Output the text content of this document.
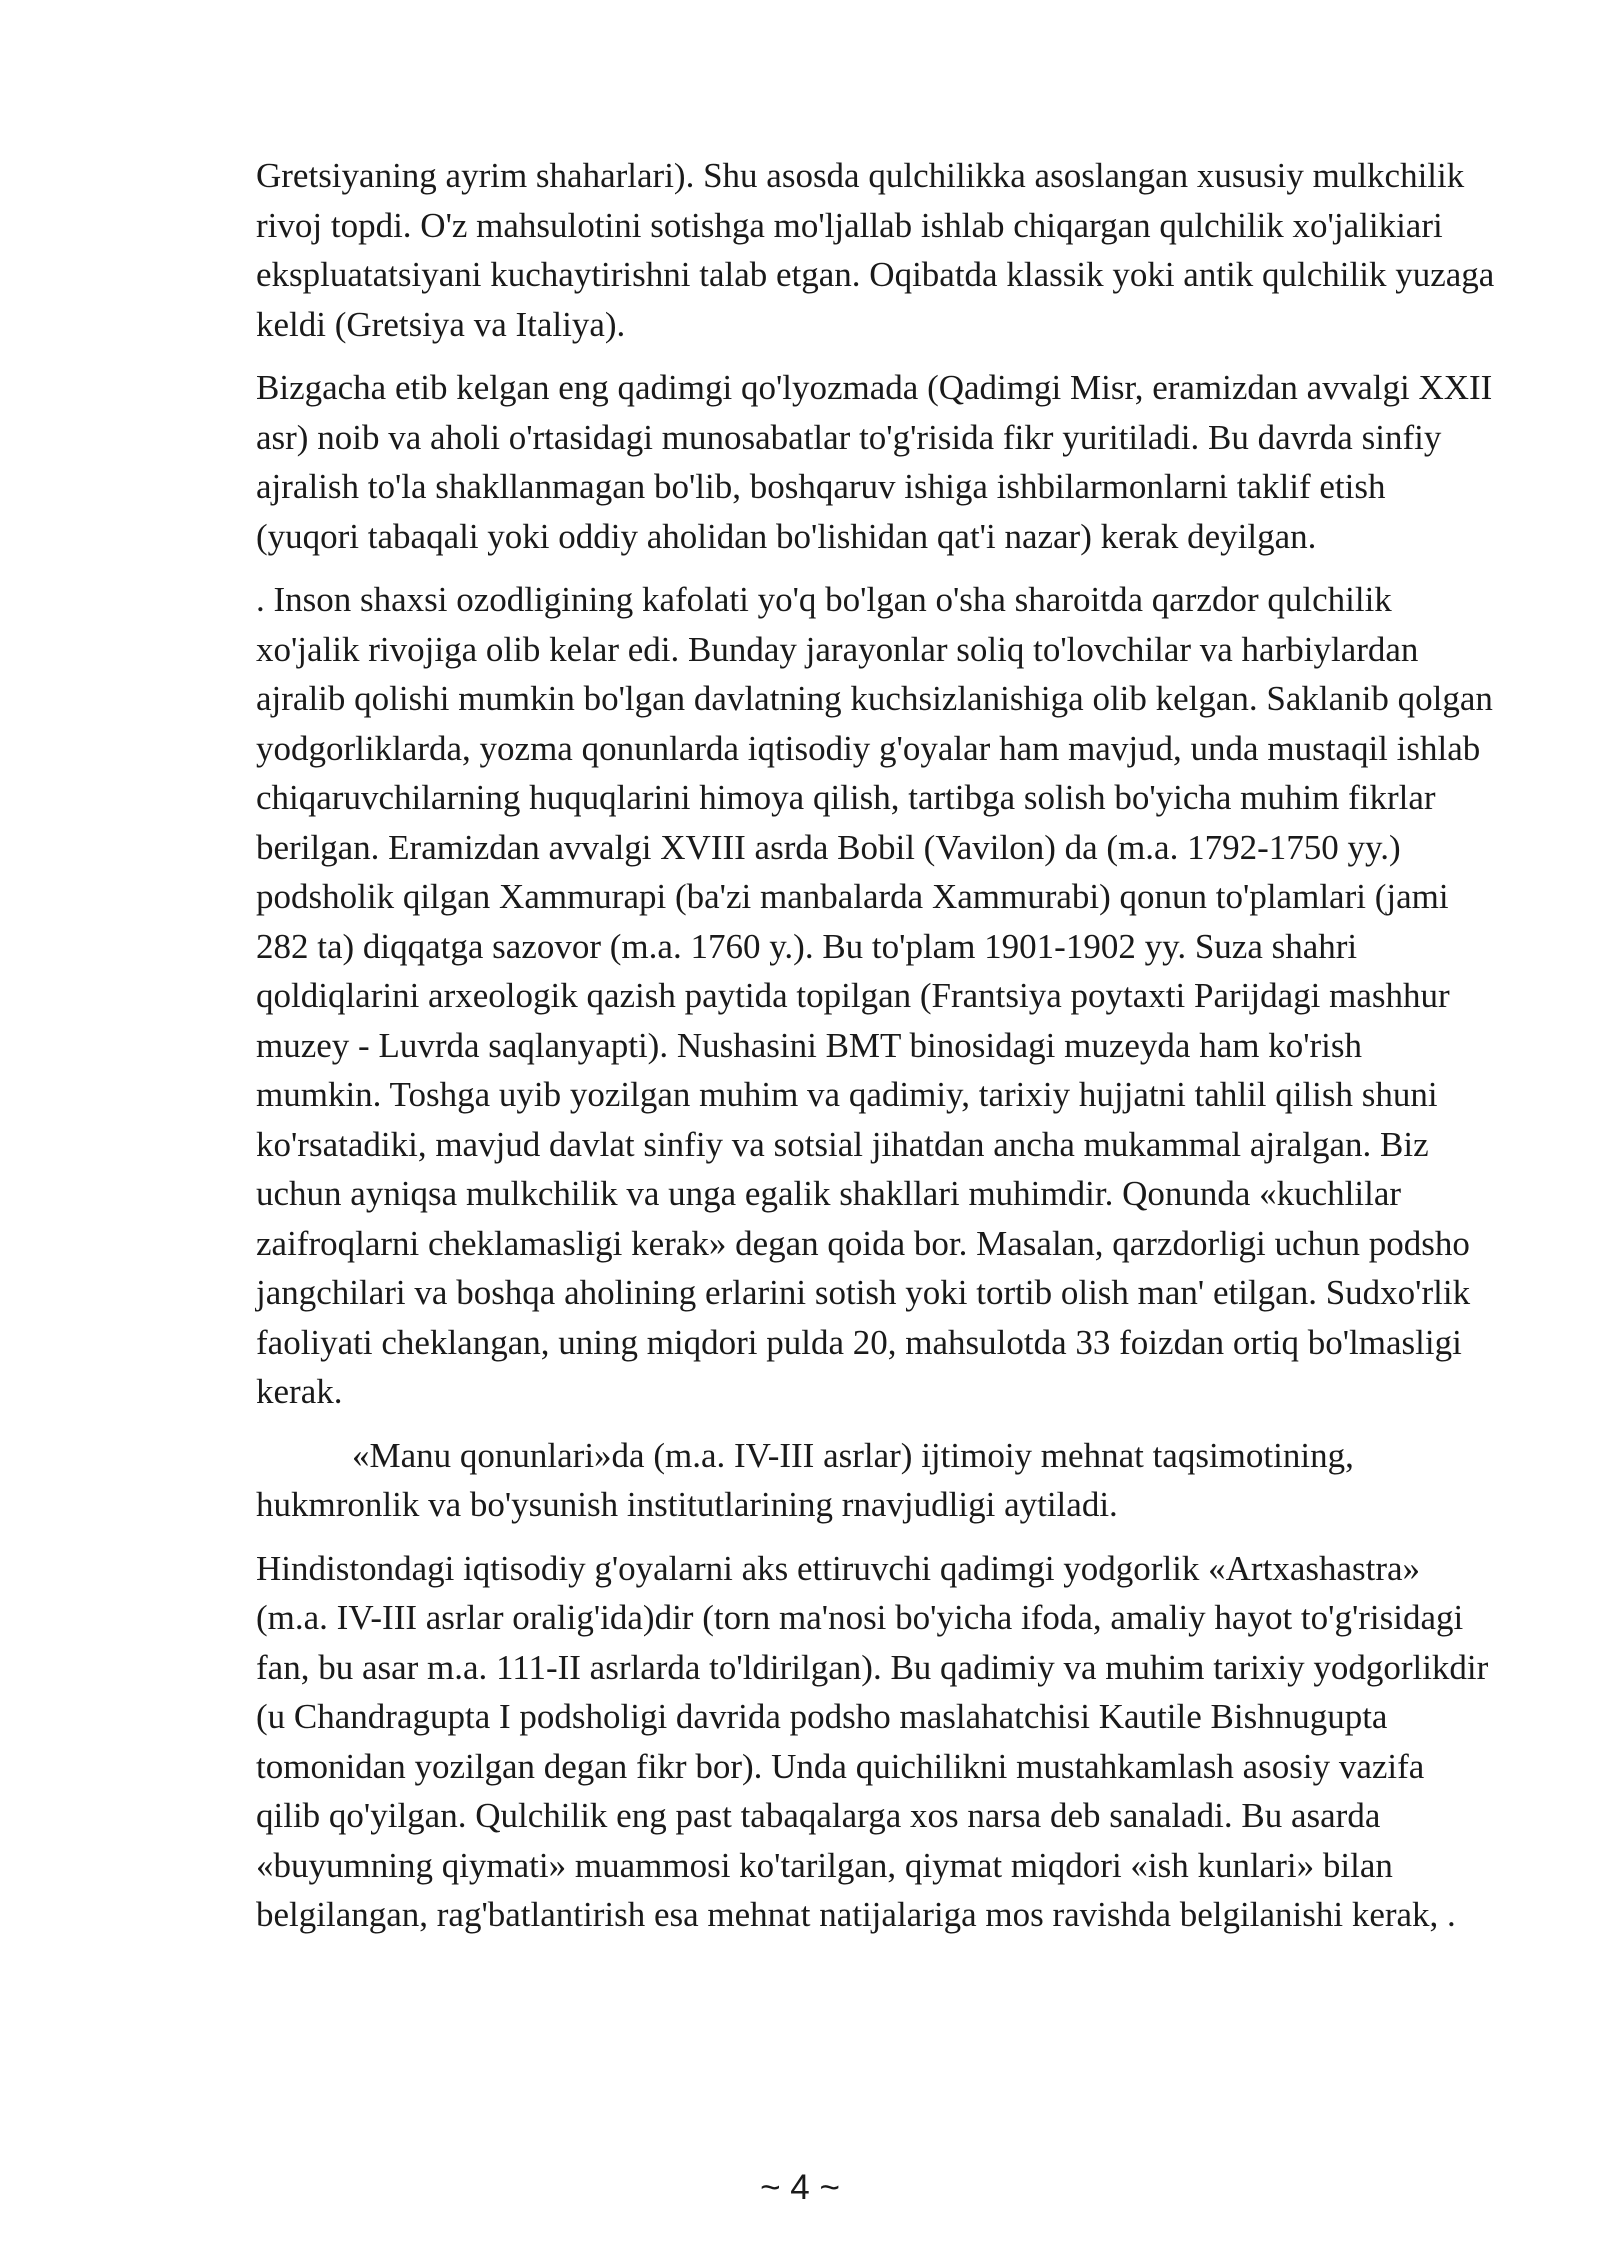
Gretsiyaning ayrim shaharlari). Shu asosda qulchilikka asoslangan xususiy mulkchilik rivoj topdi. O'z mahsulotini sotishga mo'ljallab ishlab chiqargan qulchilik xo'jalikiari ekspluatatsiyani kuchaytirishni talab etgan. Oqibatda klassik yoki antik qulchilik yuzaga keldi (Gretsiya va Italiya).

Bizgacha etib kelgan eng qadimgi qo'lyozmada (Qadimgi Misr, eramizdan avvalgi XXII asr) noib va aholi o'rtasidagi munosabatlar to'g'risida fikr yuritiladi. Bu davrda sinfiy ajralish to'la shakllanmagan bo'lib, boshqaruv ishiga ishbilarmonlarni taklif etish (yuqori tabaqali yoki oddiy aholidan bo'lishidan qat'i nazar) kerak deyilgan.

. Inson shaxsi ozodligining kafolati yo'q bo'lgan o'sha sharoitda qarzdor qulchilik xo'jalik rivojiga olib kelar edi. Bunday jarayonlar soliq to'lovchilar va harbiylardan ajralib qolishi mumkin bo'lgan davlatning kuchsizlanishiga olib kelgan. Saklanib qolgan yodgorliklarda, yozma qonunlarda iqtisodiy g'oyalar ham mavjud, unda mustaqil ishlab chiqaruvchilarning huquqlarini himoya qilish, tartibga solish bo'yicha muhim fikrlar berilgan. Eramizdan avvalgi XVIII asrda Bobil (Vavilon) da (m.a. 1792-1750 yy.) podsholik qilgan Xammurapi (ba'zi manbalarda Xammurabi) qonun to'plamlari (jami 282 ta) diqqatga sazovor (m.a. 1760 y.). Bu to'plam 1901-1902 yy. Suza shahri qoldiqlarini arxeologik qazish paytida topilgan (Frantsiya poytaxti Parijdagi mashhur muzey - Luvrda saqlanyapti). Nushasini BMT binosidagi muzeyda ham ko'rish mumkin. Toshga uyib yozilgan muhim va qadimiy, tarixiy hujjatni tahlil qilish shuni ko'rsatadiki, mavjud davlat sinfiy va sotsial jihatdan ancha mukammal ajralgan. Biz uchun ayniqsa mulkchilik va unga egalik shakllari muhimdir. Qonunda «kuchlilar zaifroqlarni cheklamasligi kerak» degan qoida bor. Masalan, qarzdorligi uchun podsho jangchilari va boshqa aholining erlarini sotish yoki tortib olish man' etilgan. Sudxo'rlik faoliyati cheklangan, uning miqdori pulda 20, mahsulotda 33 foizdan ortiq bo'lmasligi kerak.

«Manu qonunlari»da (m.a. IV-III asrlar) ijtimoiy mehnat taqsimotining, hukmronlik va bo'ysunish institutlarining rnavjudligi aytiladi.

Hindistondagi iqtisodiy g'oyalarni aks ettiruvchi qadimgi yodgorlik «Artxashastra» (m.a. IV-III asrlar oralig'ida)dir (torn ma'nosi bo'yicha ifoda, amaliy hayot to'g'risidagi fan, bu asar m.a. 111-II asrlarda to'ldirilgan). Bu qadimiy va muhim tarixiy yodgorlikdir (u Chandragupta I podsholigi davrida podsho maslahatchisi Kautile Bishnugupta tomonidan yozilgan degan fikr bor). Unda quichilikni mustahkamlash asosiy vazifa qilib qo'yilgan. Qulchilik eng past tabaqalarga xos narsa deb sanaladi. Bu asarda «buyumning qiymati» muammosi ko'tarilgan, qiymat miqdori «ish kunlari» bilan belgilangan, rag'batlantirish esa mehnat natijalariga mos ravishda belgilanishi kerak, .

~ 4 ~
